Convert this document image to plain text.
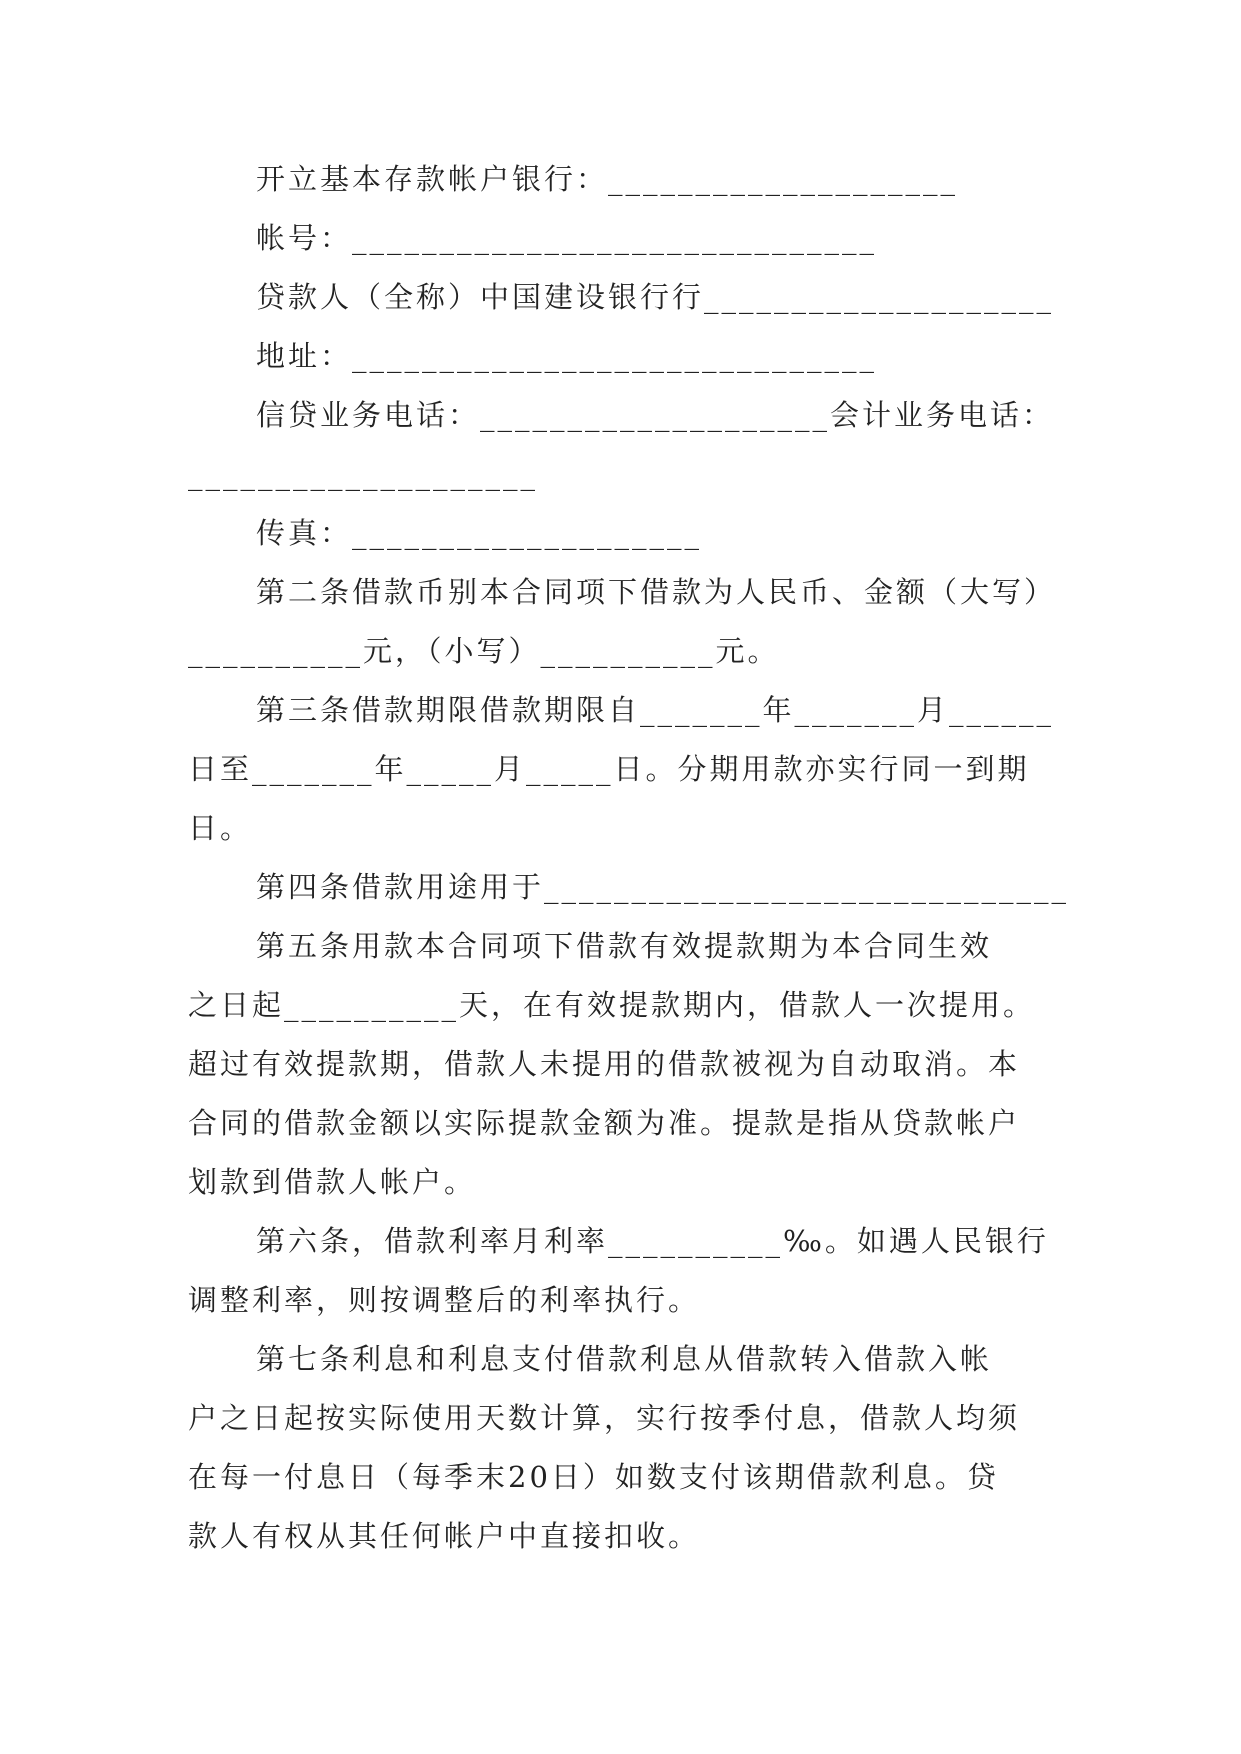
开立基本存款帐户银行：____________________
帐号：______________________________
贷款人（全称）中国建设银行行____________________
地址：______________________________
信贷业务电话：____________________会计业务电话：
____________________
传真：____________________
第二条借款币别本合同项下借款为人民币、金额（大写）
__________元，（小写）__________元。
第三条借款期限借款期限自_______年_______月______
日至_______年_____月_____日。分期用款亦实行同一到期
日。
第四条借款用途用于______________________________
第五条用款本合同项下借款有效提款期为本合同生效
之日起__________天，在有效提款期内，借款人一次提用。
超过有效提款期，借款人未提用的借款被视为自动取消。本
合同的借款金额以实际提款金额为准。提款是指从贷款帐户
划款到借款人帐户。
第六条，借款利率月利率__________‰。如遇人民银行
调整利率，则按调整后的利率执行。
第七条利息和利息支付借款利息从借款转入借款入帐
户之日起按实际使用天数计算，实行按季付息，借款人均须
在每一付息日（每季末20日）如数支付该期借款利息。贷
款人有权从其任何帐户中直接扣收。
